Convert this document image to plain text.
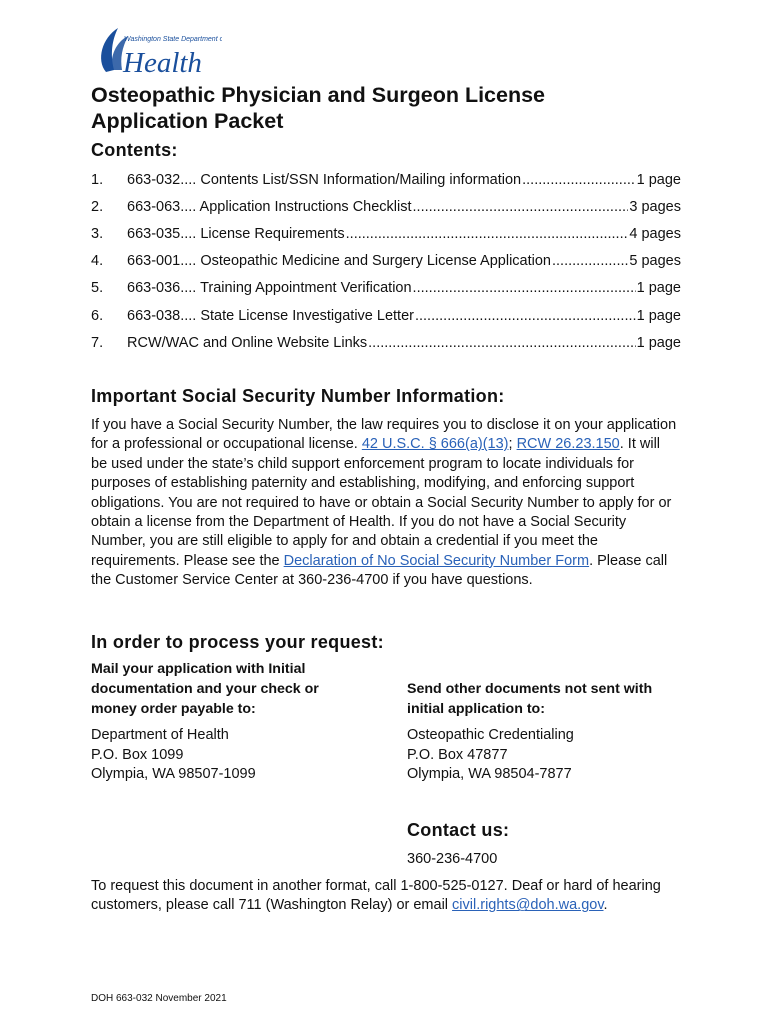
Washington State Department of
Health
Osteopathic Physician and Surgeon License
Application Packet
Contents:
1.	663-032.... Contents List/SSN Information/Mailing information .....	1 page
2.	663-063.... Application Instructions Checklist .....	3 pages
3.	663-035.... License Requirements .....	4 pages
4.	663-001.... Osteopathic Medicine and Surgery License Application .....	5 pages
5.	663-036.... Training Appointment Verification .....	1 page
6.	663-038.... State License Investigative Letter .....	1 page
7.	RCW/WAC and Online Website Links .....	1 page
Important Social Security Number Information:

If you have a Social Security Number, the law requires you to disclose it on your application for a professional or occupational license. 42 U.S.C. § 666(a)(13); RCW 26.23.150. It will be used under the state’s child support enforcement program to locate individuals for purposes of establishing paternity and establishing, modifying, and enforcing support obligations. You are not required to have or obtain a Social Security Number to apply for or obtain a license from the Department of Health. If you do not have a Social Security Number, you are still eligible to apply for and obtain a credential if you meet the requirements. Please see the Declaration of No Social Security Number Form. Please call the Customer Service Center at 360-236-4700 if you have questions.

In order to process your request:
Mail your application with Initial documentation and your check or money order payable to:
Send other documents not sent with initial application to:
Department of Health
P.O. Box 1099
Olympia, WA 98507-1099
Osteopathic Credentialing
P.O. Box 47877
Olympia, WA 98504-7877
Contact us:
360-236-4700

To request this document in another format, call 1-800-525-0127. Deaf or hard of hearing customers, please call 711 (Washington Relay) or email civil.rights@doh.wa.gov.

DOH 663-032 November 2021
